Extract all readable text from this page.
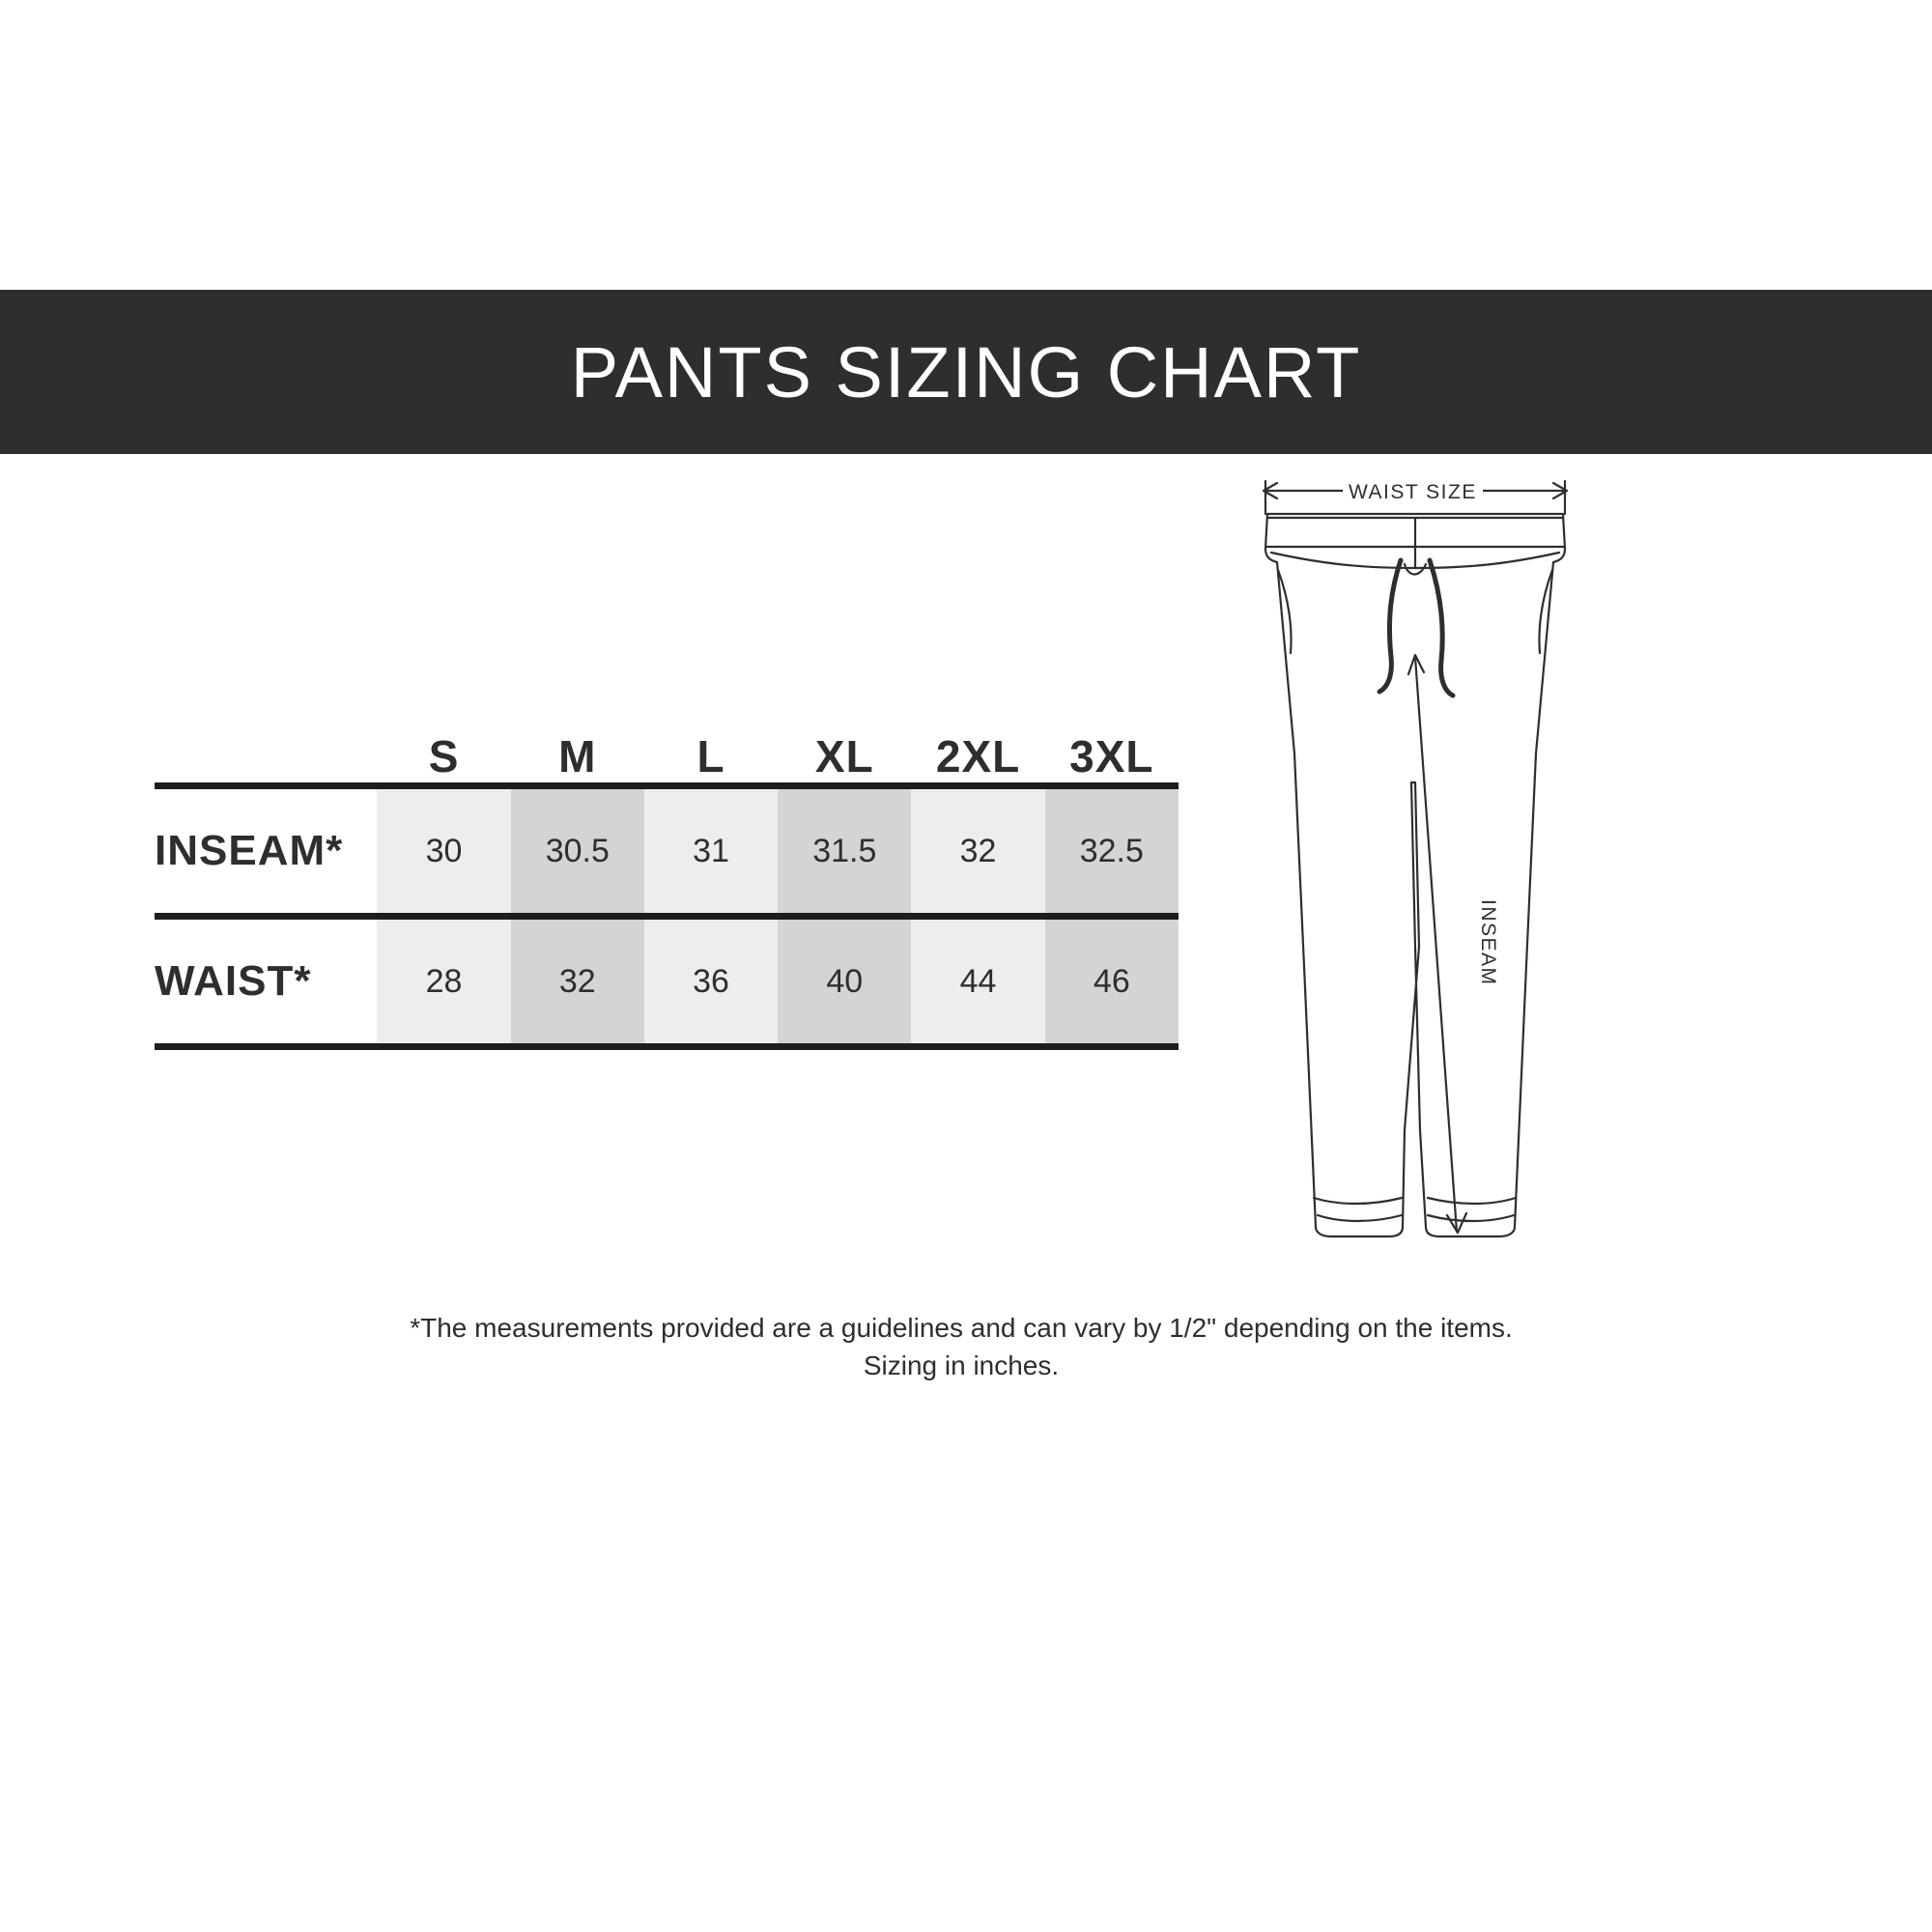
PANTS SIZING CHART
	S	M	L	XL	2XL	3XL
INSEAM*	30	30.5	31	31.5	32	32.5
WAIST*	28	32	36	40	44	46
*The measurements provided are a guidelines and can vary by 1/2" depending on the items.
Sizing in inches.
WAIST SIZE
INSEAM
